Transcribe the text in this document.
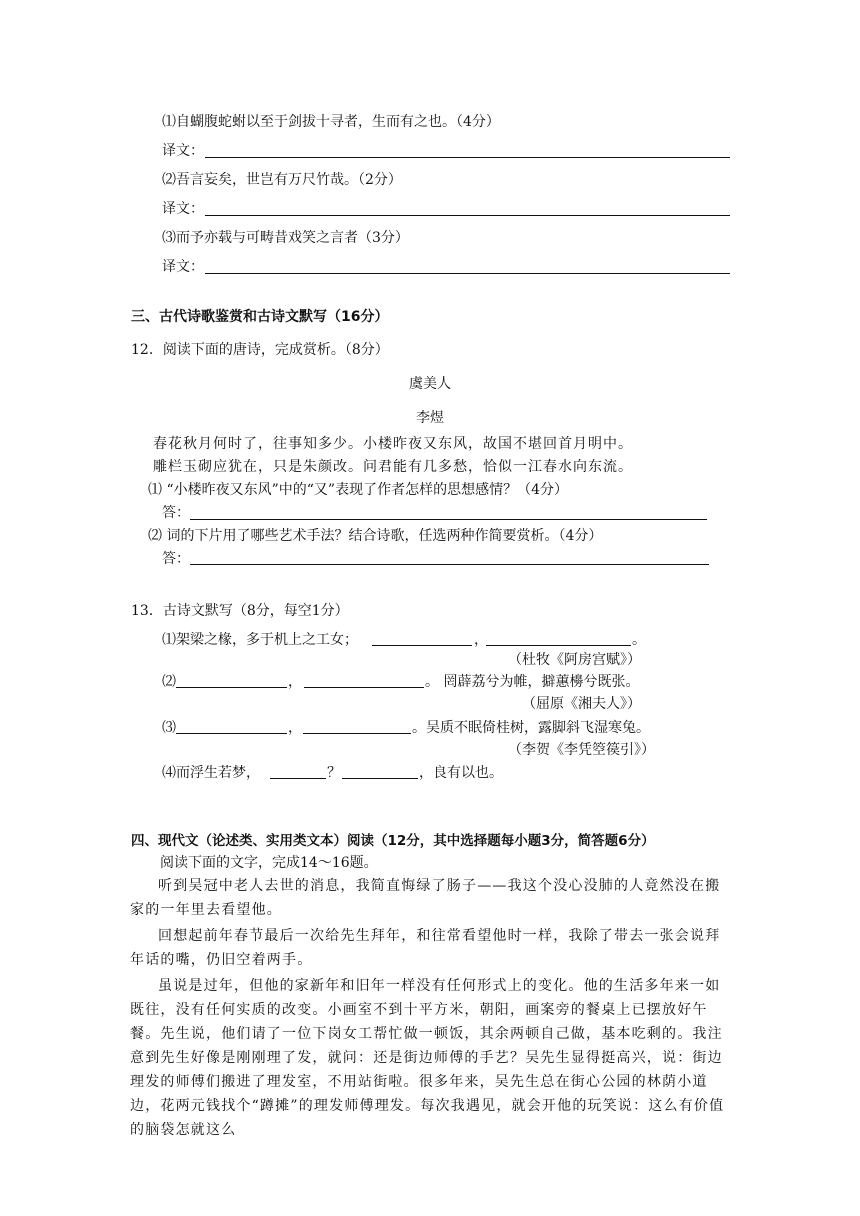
⑴自蝴腹蛇蚹以至于剑拔十寻者，生而有之也。（4分）
译文：
⑵吾言妄矣，世岂有万尺竹哉。（2分）
译文：
⑶而予亦载与可畴昔戏笑之言者（3分）
译文：
三、古代诗歌鉴赏和古诗文默写（16分）
12．阅读下面的唐诗，完成赏析。（8分）
虞美人
李煜
春花秋月何时了，往事知多少。小楼昨夜又东风，故国不堪回首月明中。
雕栏玉砌应犹在，只是朱颜改。问君能有几多愁，恰似一江春水向东流。
⑴ “小楼昨夜又东风”中的“又”表现了作者怎样的思想感情？（4分）
答：
⑵ 词的下片用了哪些艺术手法？结合诗歌，任选两种作简要赏析。（4分）
答：
13．古诗文默写（8分，每空1分）
⑴架梁之椽，多于机上之工女；	，	。
（杜牧《阿房宫赋》）
⑵	，	。 罔薜荔兮为帷，擗蕙櫋兮既张。
（屈原《湘夫人》）
⑶	，	。吴质不眠倚桂树，露脚斜飞湿寒兔。
（李贺《李凭箜篌引》）
⑷而浮生若梦，	？	，良有以也。
四、现代文（论述类、实用类文本）阅读（12分，其中选择题每小题3分，简答题6分）
阅读下面的文字，完成14～16题。

听到吴冠中老人去世的消息，我简直悔绿了肠子——我这个没心没肺的人竟然没在搬家的一年里去看望他。

回想起前年春节最后一次给先生拜年，和往常看望他时一样，我除了带去一张会说拜年话的嘴，仍旧空着两手。

虽说是过年，但他的家新年和旧年一样没有任何形式上的变化。他的生活多年来一如既往，没有任何实质的改变。小画室不到十平方米，朝阳，画案旁的餐桌上已摆放好午餐。先生说，他们请了一位下岗女工帮忙做一顿饭，其余两顿自己做，基本吃剩的。我注意到先生好像是刚刚理了发，就问：还是街边师傅的手艺？吴先生显得挺高兴，说：街边理发的师傅们搬进了理发室，不用站街啦。很多年来，吴先生总在街心公园的林荫小道边，花两元钱找个“蹲摊”的理发师傅理发。每次我遇见，就会开他的玩笑说：这么有价值的脑袋怎就这么
